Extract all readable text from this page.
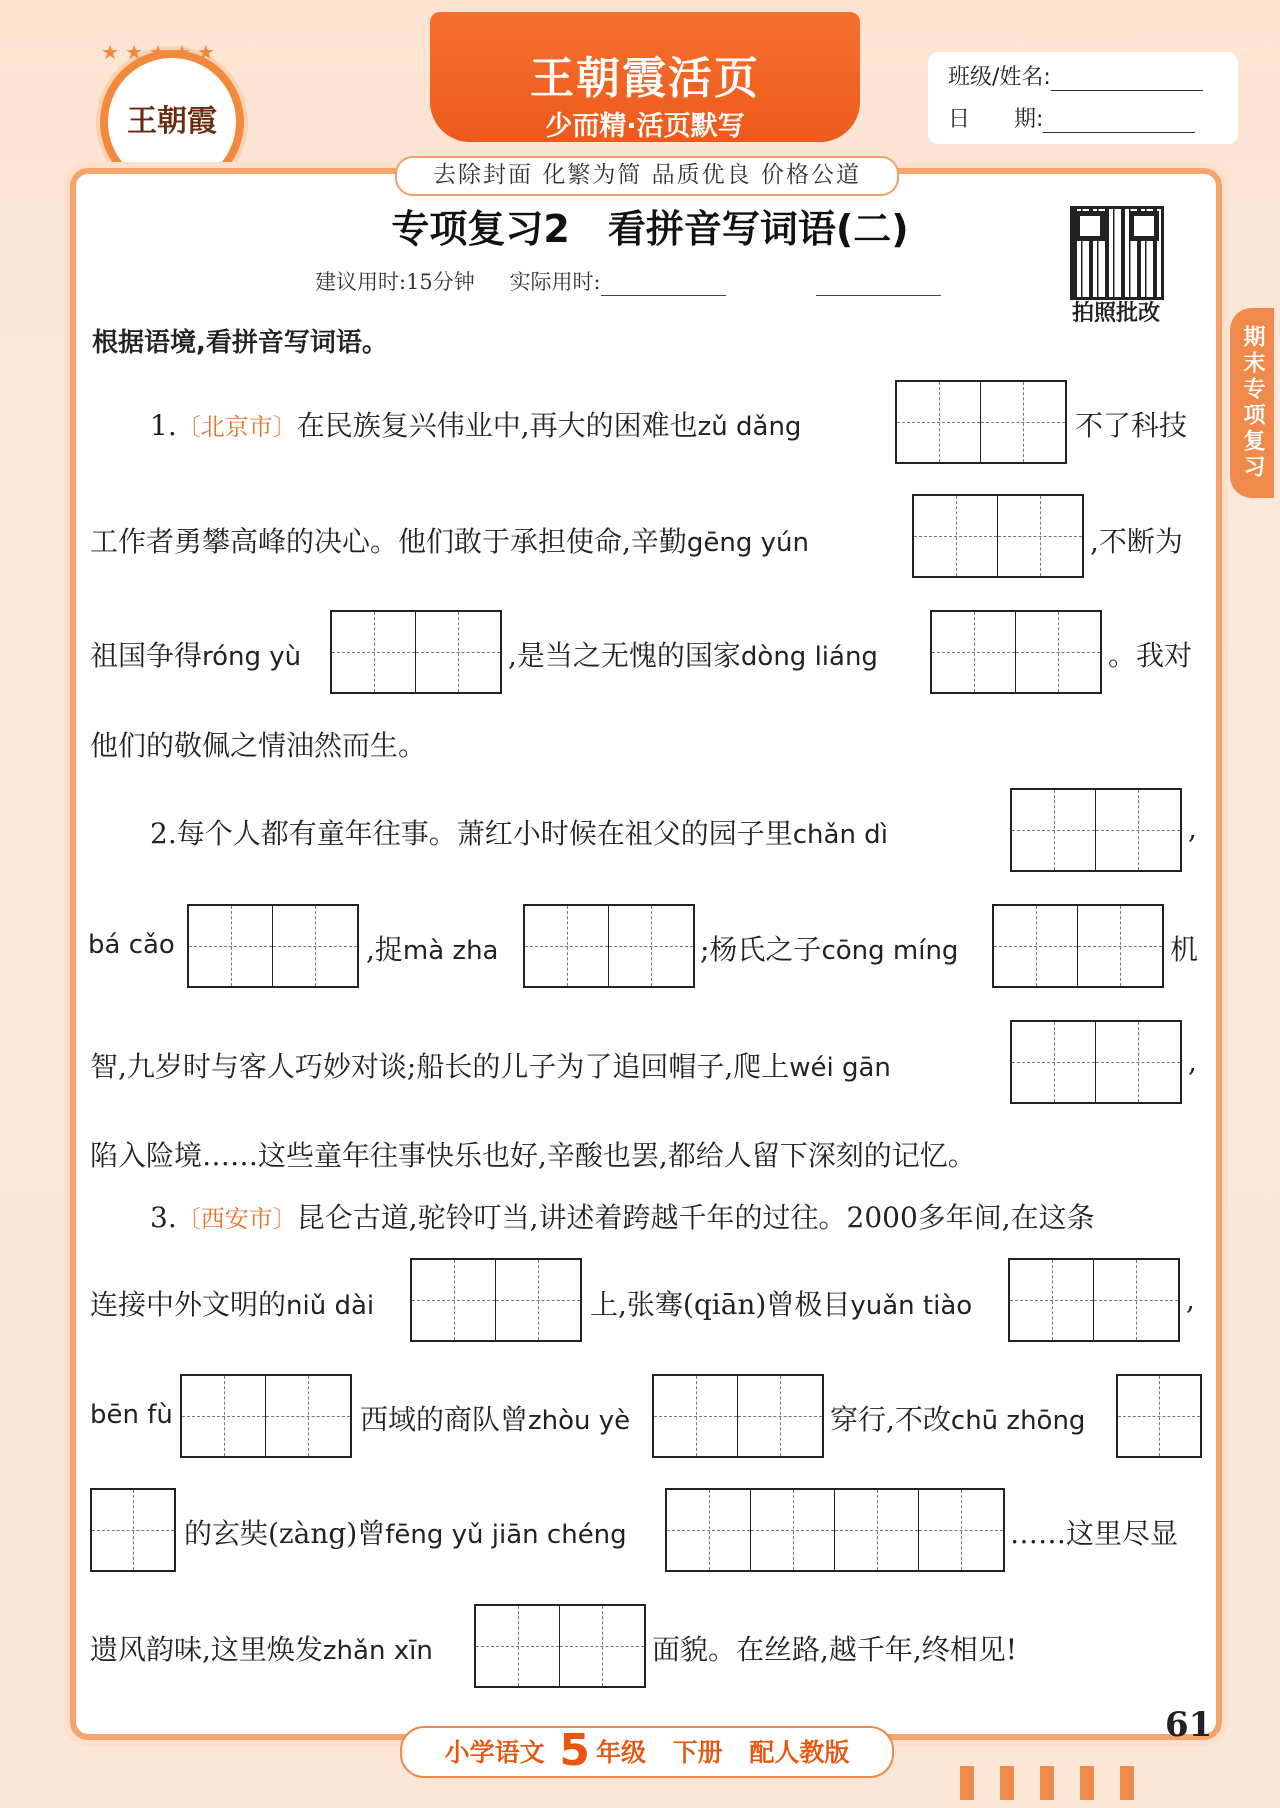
王朝霞
★★★★★
王朝霞活页
少而精·活页默写
班级/姓名:
日　　期:
去除封面 化繁为简 品质优良 价格公道
专项复习2　看拼音写词语(二)
建议用时:15分钟 实际用时:
拍照批改
期末专项复习
根据语境,看拼音写词语。
1.〔北京市〕在民族复兴伟业中,再大的困难也zǔ dǎng	不了科技
工作者勇攀高峰的决心。他们敢于承担使命,辛勤gēng yún	,不断为
祖国争得róng yù	,是当之无愧的国家dòng liáng	。我对
他们的敬佩之情油然而生。
2.每个人都有童年往事。萧红小时候在祖父的园子里chǎn dì	,
bá cǎo	,捉mà zha	;杨氏之子cōng míng	机
智,九岁时与客人巧妙对谈;船长的儿子为了追回帽子,爬上wéi gān	,
陷入险境……这些童年往事快乐也好,辛酸也罢,都给人留下深刻的记忆。
3.〔西安市〕昆仑古道,驼铃叮当,讲述着跨越千年的过往。2000多年间,在这条
连接中外文明的niǔ dài	上,张骞(qiān)曾极目yuǎn tiào	,
bēn fù	西域的商队曾zhòu yè	穿行,不改chū zhōng
的玄奘(zàng)曾fēng yǔ jiān chéng	……这里尽显
遗风韵味,这里焕发zhǎn xīn	面貌。在丝路,越千年,终相见!
61
小学语文 5 年级 下册 配人教版
